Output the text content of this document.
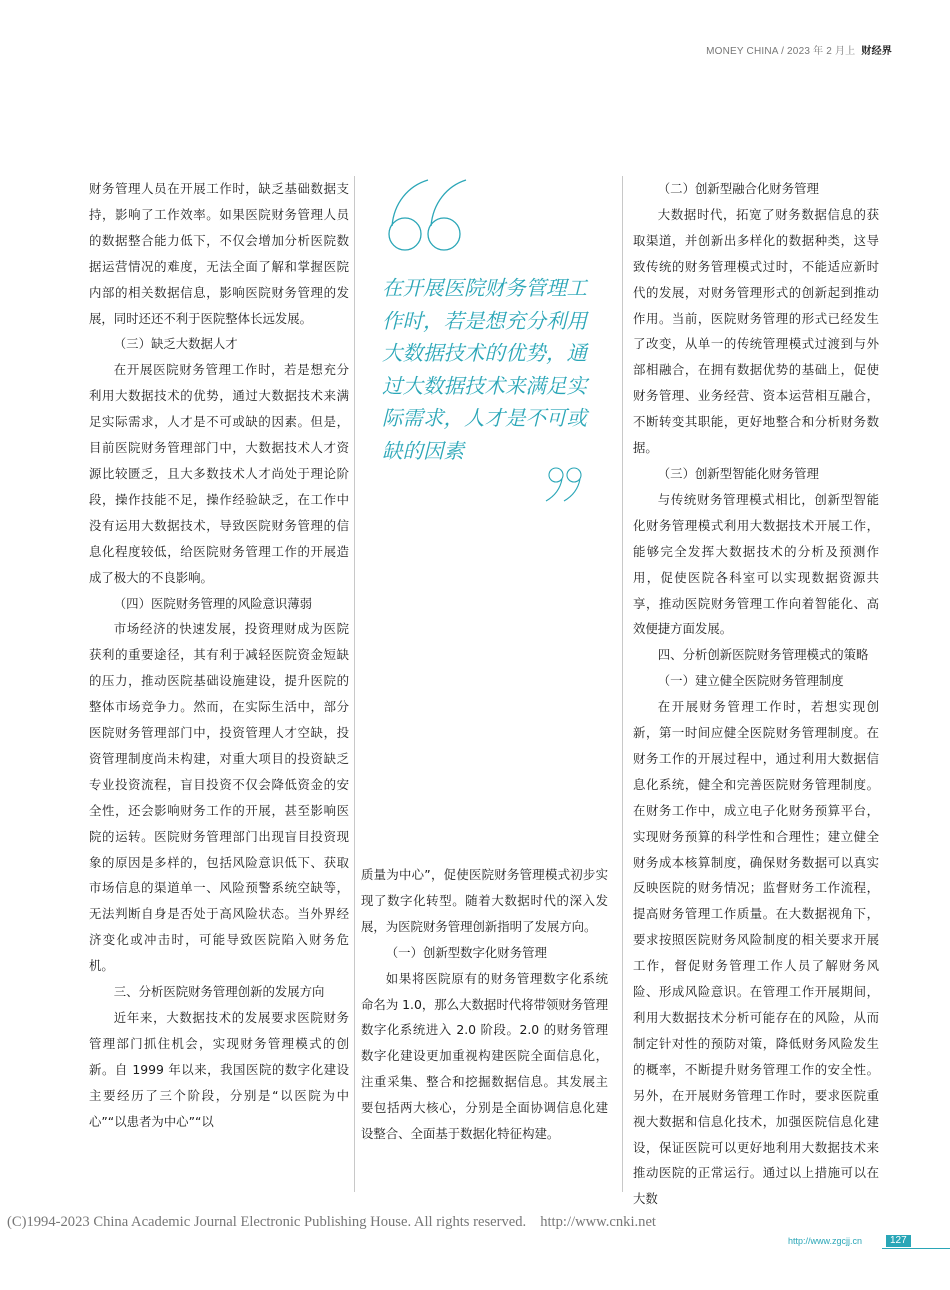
MONEY CHINA / 2023 年 2 月上 财经界

财务管理人员在开展工作时，缺乏基础数据支持，影响了工作效率。如果医院财务管理人员的数据整合能力低下，不仅会增加分析医院数据运营情况的难度，无法全面了解和掌握医院内部的相关数据信息，影响医院财务管理的发展，同时还还不利于医院整体长远发展。

（三）缺乏大数据人才

在开展医院财务管理工作时，若是想充分利用大数据技术的优势，通过大数据技术来满足实际需求，人才是不可或缺的因素。但是，目前医院财务管理部门中，大数据技术人才资源比较匮乏，且大多数技术人才尚处于理论阶段，操作技能不足，操作经验缺乏，在工作中没有运用大数据技术，导致医院财务管理的信息化程度较低，给医院财务管理工作的开展造成了极大的不良影响。

（四）医院财务管理的风险意识薄弱

市场经济的快速发展，投资理财成为医院获利的重要途径，其有利于减轻医院资金短缺的压力，推动医院基础设施建设，提升医院的整体市场竞争力。然而，在实际生活中，部分医院财务管理部门中，投资管理人才空缺，投资管理制度尚未构建，对重大项目的投资缺乏专业投资流程，盲目投资不仅会降低资金的安全性，还会影响财务工作的开展，甚至影响医院的运转。医院财务管理部门出现盲目投资现象的原因是多样的，包括风险意识低下、获取市场信息的渠道单一、风险预警系统空缺等，无法判断自身是否处于高风险状态。当外界经济变化或冲击时，可能导致医院陷入财务危机。

三、分析医院财务管理创新的发展方向

近年来，大数据技术的发展要求医院财务管理部门抓住机会，实现财务管理模式的创新。自 1999 年以来，我国医院的数字化建设主要经历了三个阶段，分别是“以医院为中心”“以患者为中心”“以

在开展医院财务管理工作时，若是想充分利用大数据技术的优势，通过大数据技术来满足实际需求，人才是不可或缺的因素

质量为中心”，促使医院财务管理模式初步实现了数字化转型。随着大数据时代的深入发展，为医院财务管理创新指明了发展方向。

（一）创新型数字化财务管理

如果将医院原有的财务管理数字化系统命名为 1.0，那么大数据时代将带领财务管理数字化系统进入 2.0 阶段。2.0 的财务管理数字化建设更加重视构建医院全面信息化，注重采集、整合和挖掘数据信息。其发展主要包括两大核心，分别是全面协调信息化建设整合、全面基于数据化特征构建。

（二）创新型融合化财务管理

大数据时代，拓宽了财务数据信息的获取渠道，并创新出多样化的数据种类，这导致传统的财务管理模式过时，不能适应新时代的发展，对财务管理形式的创新起到推动作用。当前，医院财务管理的形式已经发生了改变，从单一的传统管理模式过渡到与外部相融合，在拥有数据优势的基础上，促使财务管理、业务经营、资本运营相互融合，不断转变其职能，更好地整合和分析财务数据。

（三）创新型智能化财务管理

与传统财务管理模式相比，创新型智能化财务管理模式利用大数据技术开展工作，能够完全发挥大数据技术的分析及预测作用，促使医院各科室可以实现数据资源共享，推动医院财务管理工作向着智能化、高效便捷方面发展。

四、分析创新医院财务管理模式的策略

（一）建立健全医院财务管理制度

在开展财务管理工作时，若想实现创新，第一时间应健全医院财务管理制度。在财务工作的开展过程中，通过利用大数据信息化系统，健全和完善医院财务管理制度。在财务工作中，成立电子化财务预算平台，实现财务预算的科学性和合理性；建立健全财务成本核算制度，确保财务数据可以真实反映医院的财务情况；监督财务工作流程，提高财务管理工作质量。在大数据视角下，要求按照医院财务风险制度的相关要求开展工作，督促财务管理工作人员了解财务风险、形成风险意识。在管理工作开展期间，利用大数据技术分析可能存在的风险，从而制定针对性的预防对策，降低财务风险发生的概率，不断提升财务管理工作的安全性。另外，在开展财务管理工作时，要求医院重视大数据和信息化技术，加强医院信息化建设，保证医院可以更好地利用大数据技术来推动医院的正常运行。通过以上措施可以在大数

(C)1994-2023 China Academic Journal Electronic Publishing House. All rights reserved. http://www.cnki.net
http://www.zgcjj.cn	127
